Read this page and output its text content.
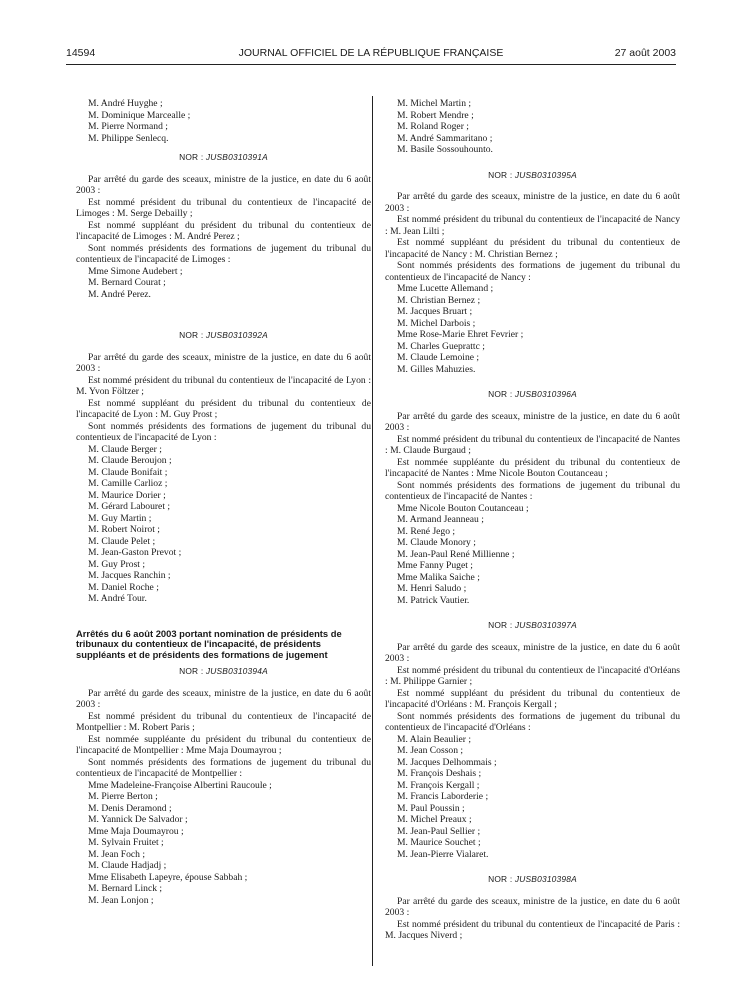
14594	JOURNAL OFFICIEL DE LA RÉPUBLIQUE FRANÇAISE	27 août 2003

M. André Huyghe ;

M. Dominique Marcealle ;

M. Pierre Normand ;

M. Philippe Senlecq.

NOR : JUSB0310391A

Par arrêté du garde des sceaux, ministre de la justice, en date du 6 août 2003 :

Est nommé président du tribunal du contentieux de l'incapacité de Limoges : M. Serge Debailly ;

Est nommé suppléant du président du tribunal du contentieux de l'incapacité de Limoges : M. André Perez ;

Sont nommés présidents des formations de jugement du tribunal du contentieux de l'incapacité de Limoges :

Mme Simone Audebert ;

M. Bernard Courat ;

M. André Perez.

NOR : JUSB0310392A

Par arrêté du garde des sceaux, ministre de la justice, en date du 6 août 2003 :

Est nommé président du tribunal du contentieux de l'incapacité de Lyon : M. Yvon Föltzer ;

Est nommé suppléant du président du tribunal du contentieux de l'incapacité de Lyon : M. Guy Prost ;

Sont nommés présidents des formations de jugement du tribunal du contentieux de l'incapacité de Lyon :

M. Claude Berger ;

M. Claude Beroujon ;

M. Claude Bonifait ;

M. Camille Carlioz ;

M. Maurice Dorier ;

M. Gérard Labouret ;

M. Guy Martin ;

M. Robert Noirot ;

M. Claude Pelet ;

M. Jean-Gaston Prevot ;

M. Guy Prost ;

M. Jacques Ranchin ;

M. Daniel Roche ;

M. André Tour.

Arrêtés du 6 août 2003 portant nomination de présidents de tribunaux du contentieux de l'incapacité, de présidents suppléants et de présidents des formations de jugement
NOR : JUSB0310394A

Par arrêté du garde des sceaux, ministre de la justice, en date du 6 août 2003 :

Est nommé président du tribunal du contentieux de l'incapacité de Montpellier : M. Robert Paris ;

Est nommée suppléante du président du tribunal du contentieux de l'incapacité de Montpellier : Mme Maja Doumayrou ;

Sont nommés présidents des formations de jugement du tribunal du contentieux de l'incapacité de Montpellier :

Mme Madeleine-Françoise Albertini Raucoule ;

M. Pierre Berton ;

M. Denis Deramond ;

M. Yannick De Salvador ;

Mme Maja Doumayrou ;

M. Sylvain Fruitet ;

M. Jean Foch ;

M. Claude Hadjadj ;

Mme Elisabeth Lapeyre, épouse Sabbah ;

M. Bernard Linck ;

M. Jean Lonjon ;

M. Michel Martin ;

M. Robert Mendre ;

M. Roland Roger ;

M. André Sammaritano ;

M. Basile Sossouhounto.

NOR : JUSB0310395A

Par arrêté du garde des sceaux, ministre de la justice, en date du 6 août 2003 :

Est nommé président du tribunal du contentieux de l'incapacité de Nancy : M. Jean Lilti ;

Est nommé suppléant du président du tribunal du contentieux de l'incapacité de Nancy : M. Christian Bernez ;

Sont nommés présidents des formations de jugement du tribunal du contentieux de l'incapacité de Nancy :

Mme Lucette Allemand ;

M. Christian Bernez ;

M. Jacques Bruart ;

M. Michel Darbois ;

Mme Rose-Marie Ehret Fevrier ;

M. Charles Gueprattc ;

M. Claude Lemoine ;

M. Gilles Mahuzies.

NOR : JUSB0310396A

Par arrêté du garde des sceaux, ministre de la justice, en date du 6 août 2003 :

Est nommé président du tribunal du contentieux de l'incapacité de Nantes : M. Claude Burgaud ;

Est nommée suppléante du président du tribunal du contentieux de l'incapacité de Nantes : Mme Nicole Bouton Coutanceau ;

Sont nommés présidents des formations de jugement du tribunal du contentieux de l'incapacité de Nantes :

Mme Nicole Bouton Coutanceau ;

M. Armand Jeanneau ;

M. René Jego ;

M. Claude Monory ;

M. Jean-Paul René Millienne ;

Mme Fanny Puget ;

Mme Malika Saiche ;

M. Henri Saludo ;

M. Patrick Vautier.

NOR : JUSB0310397A

Par arrêté du garde des sceaux, ministre de la justice, en date du 6 août 2003 :

Est nommé président du tribunal du contentieux de l'incapacité d'Orléans : M. Philippe Garnier ;

Est nommé suppléant du président du tribunal du contentieux de l'incapacité d'Orléans : M. François Kergall ;

Sont nommés présidents des formations de jugement du tribunal du contentieux de l'incapacité d'Orléans :

M. Alain Beaulier ;

M. Jean Cosson ;

M. Jacques Delhommais ;

M. François Deshais ;

M. François Kergall ;

M. Francis Laborderie ;

M. Paul Poussin ;

M. Michel Preaux ;

M. Jean-Paul Sellier ;

M. Maurice Souchet ;

M. Jean-Pierre Vialaret.

NOR : JUSB0310398A

Par arrêté du garde des sceaux, ministre de la justice, en date du 6 août 2003 :

Est nommé président du tribunal du contentieux de l'incapacité de Paris : M. Jacques Niverd ;
